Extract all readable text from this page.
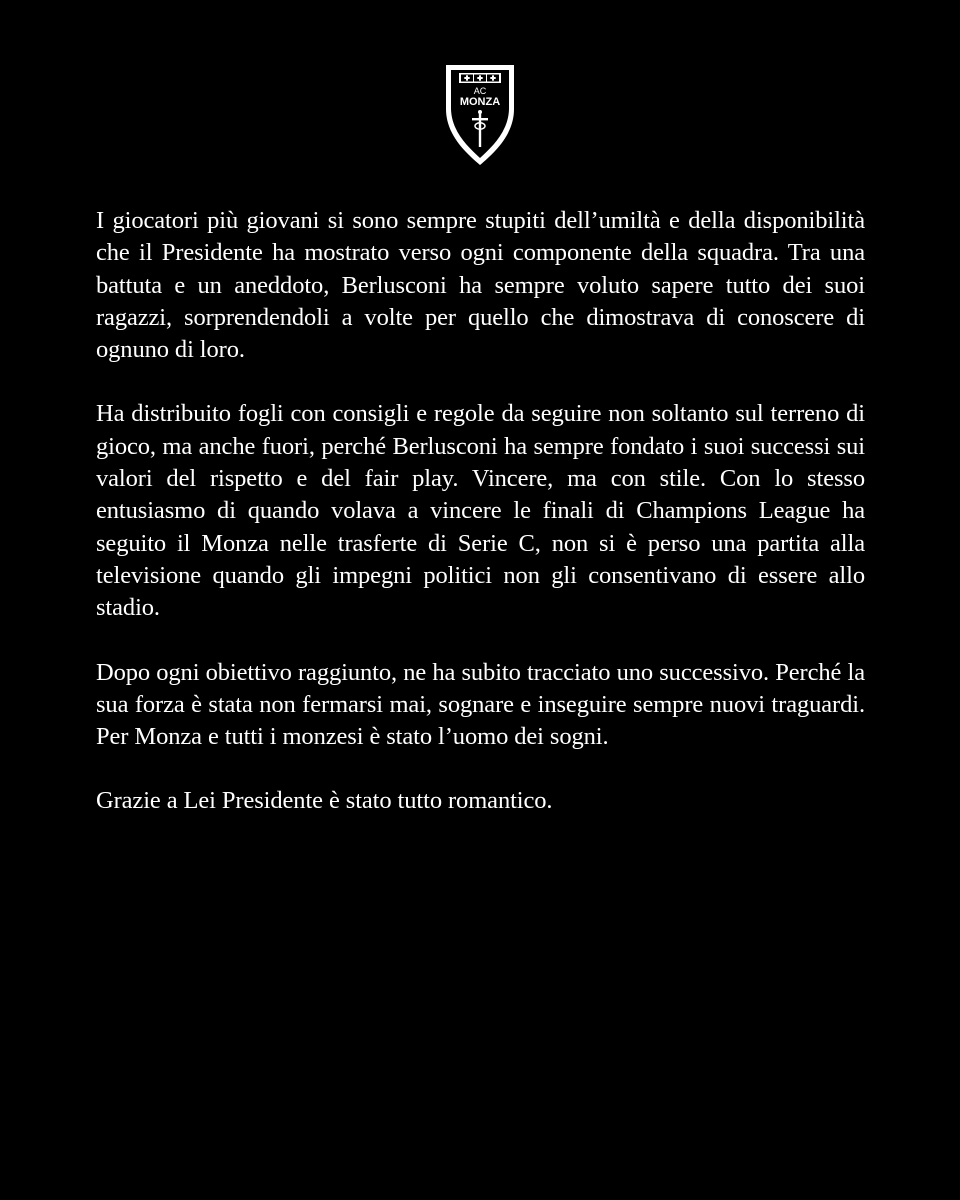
AC
MONZA

I giocatori più giovani si sono sempre stupiti dell’umiltà e della disponibilità che il Presidente ha mostrato verso ogni componente della squadra. Tra una battuta e un aneddoto, Berlusconi ha sempre voluto sapere tutto dei suoi ragazzi, sorprendendoli a volte per quello che dimostrava di conoscere di ognuno di loro.

Ha distribuito fogli con consigli e regole da seguire non soltanto sul terreno di gioco, ma anche fuori, perché Berlusconi ha sempre fondato i suoi successi sui valori del rispetto e del fair play. Vincere, ma con stile. Con lo stesso entusiasmo di quando volava a vincere le finali di Champions League ha seguito il Monza nelle trasferte di Serie C, non si è perso una partita alla televisione quando gli impegni politici non gli consentivano di essere allo stadio.

Dopo ogni obiettivo raggiunto, ne ha subito tracciato uno successivo. Perché la sua forza è stata non fermarsi mai, sognare e inseguire sempre nuovi traguardi. Per Monza e tutti i monzesi è stato l’uomo dei sogni.

Grazie a Lei Presidente è stato tutto romantico.
